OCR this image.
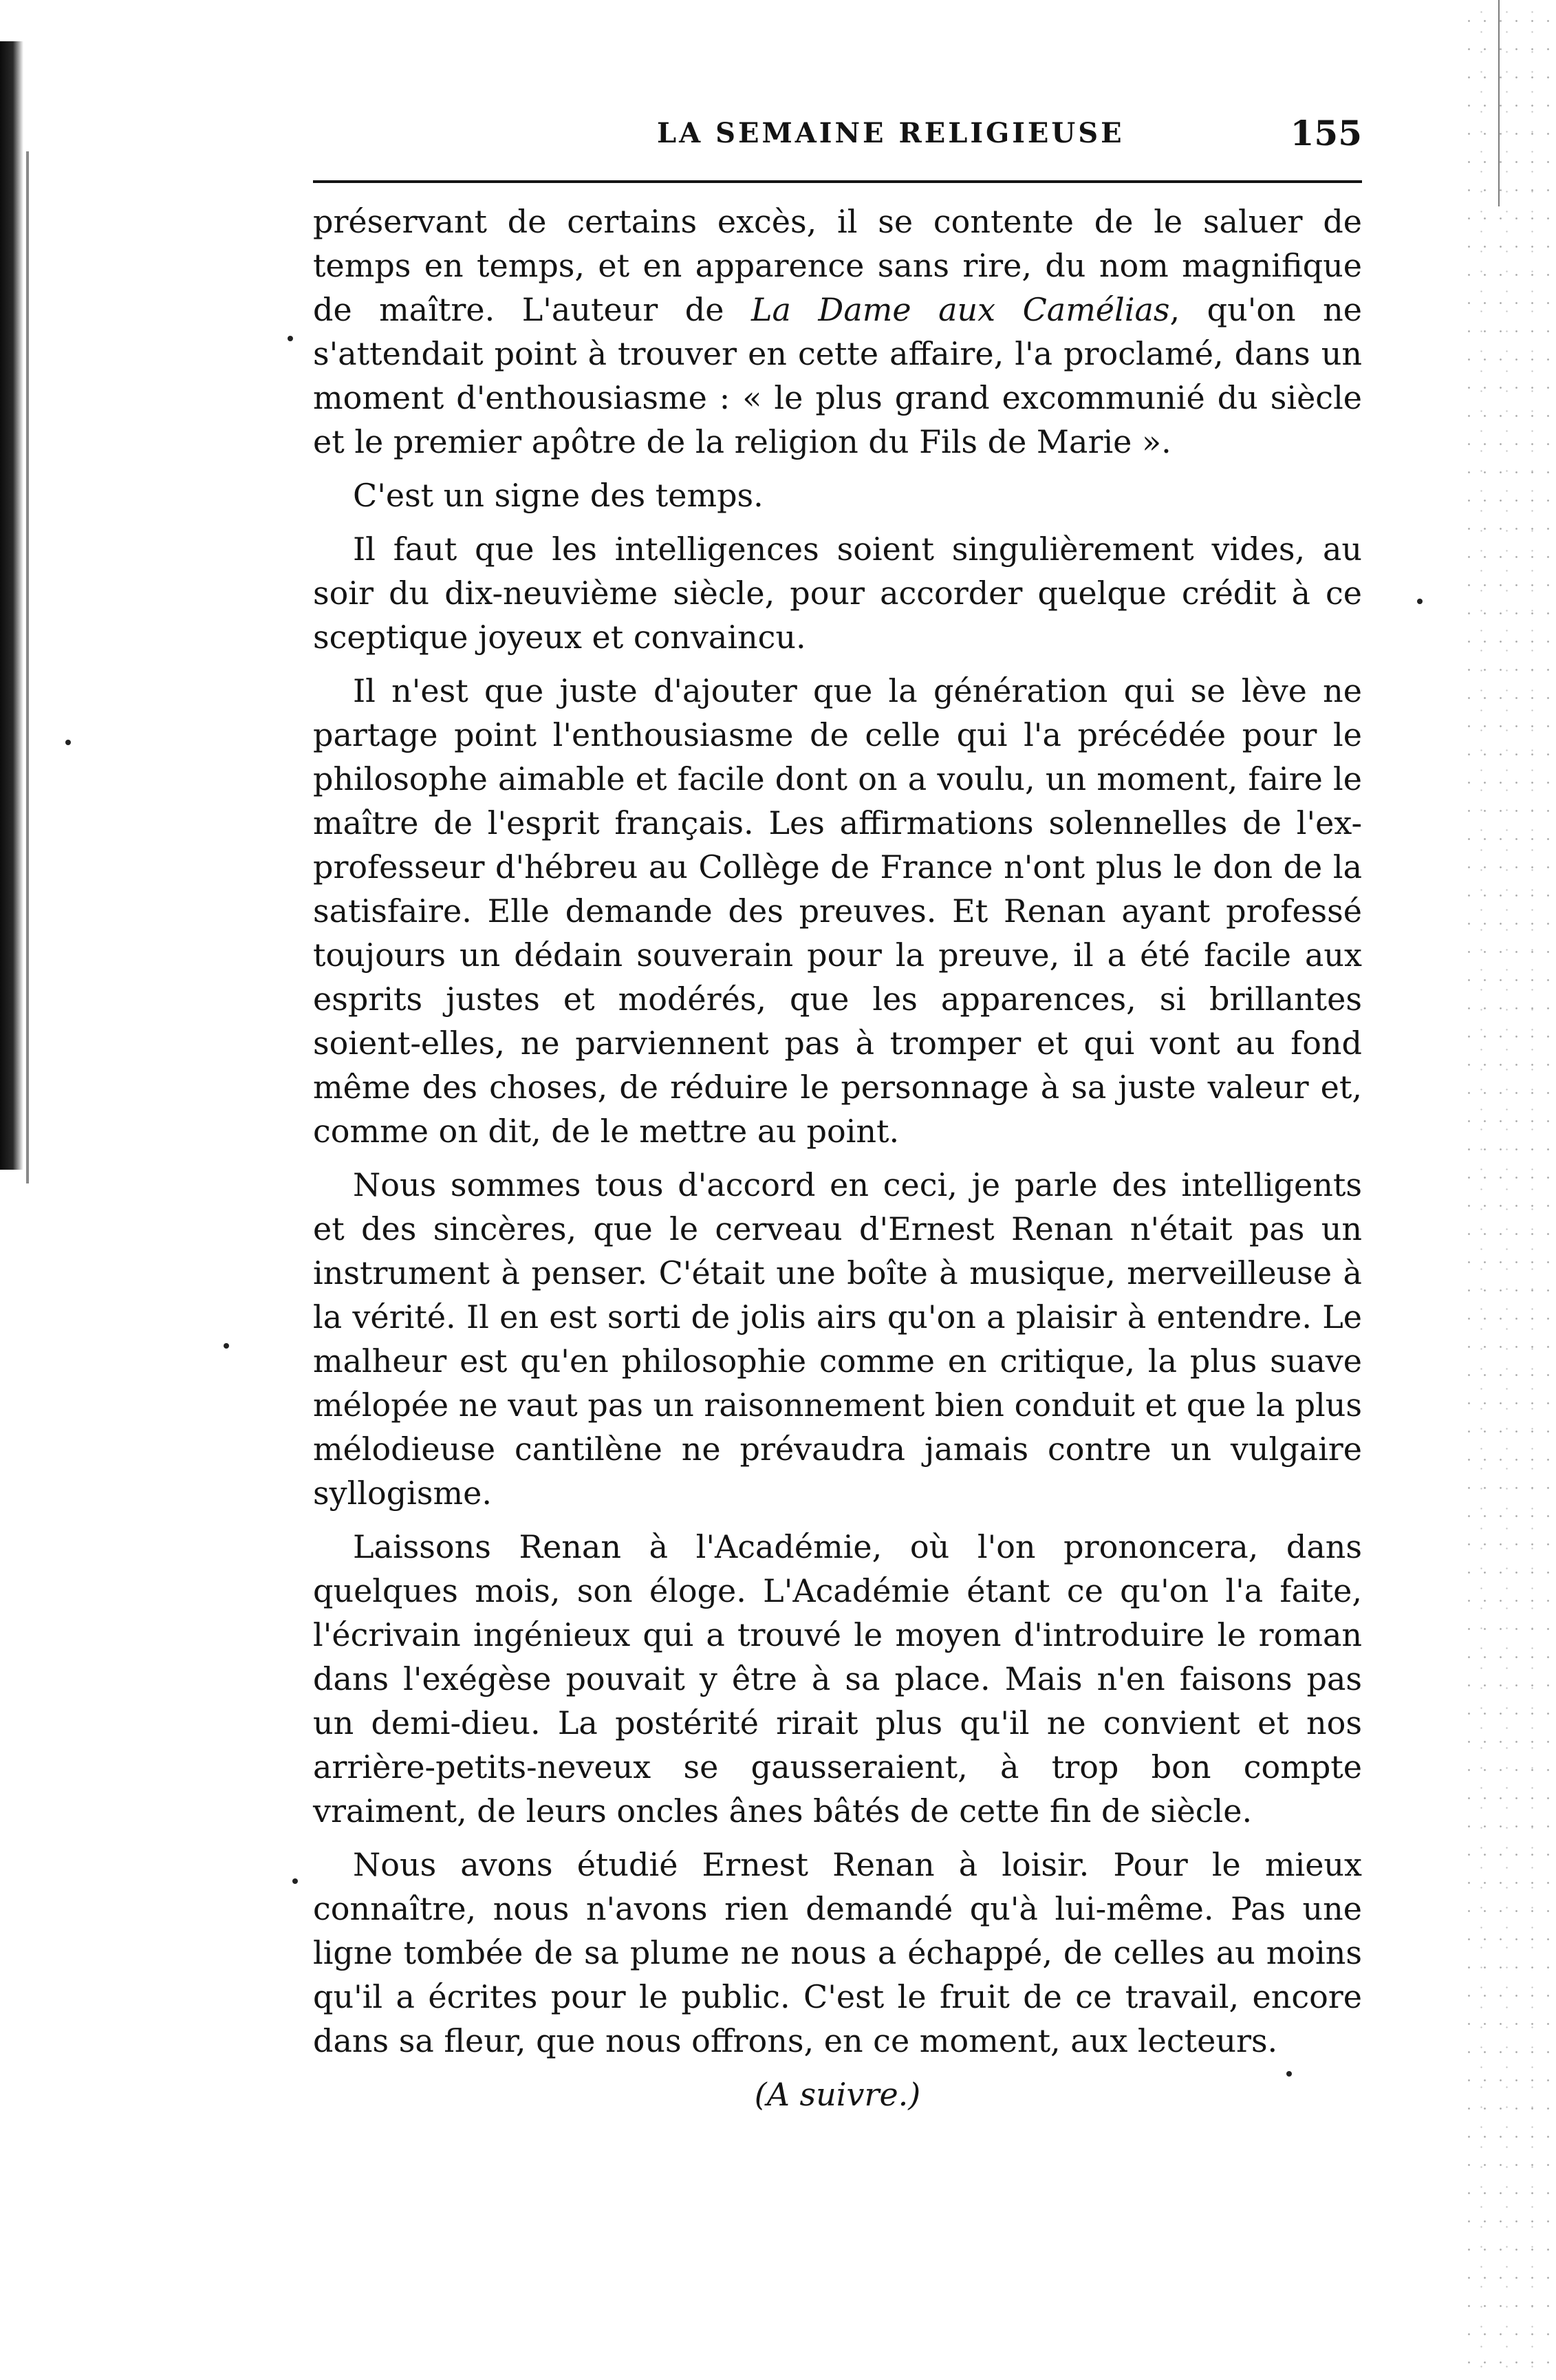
LA SEMAINE RELIGIEUSE	155

préservant de certains excès, il se contente de le saluer de temps en temps, et en apparence sans rire, du nom magnifique de maître. L'auteur de La Dame aux Camélias, qu'on ne s'attendait point à trouver en cette affaire, l'a proclamé, dans un moment d'enthousiasme : « le plus grand excommunié du siècle et le premier apôtre de la religion du Fils de Marie ».

C'est un signe des temps.

Il faut que les intelligences soient singulièrement vides, au soir du dix-neuvième siècle, pour accorder quelque crédit à ce sceptique joyeux et convaincu.

Il n'est que juste d'ajouter que la génération qui se lève ne partage point l'enthousiasme de celle qui l'a précédée pour le philosophe aimable et facile dont on a voulu, un moment, faire le maître de l'esprit français. Les affirmations solennelles de l'ex-professeur d'hébreu au Collège de France n'ont plus le don de la satisfaire. Elle demande des preuves. Et Renan ayant professé toujours un dédain souverain pour la preuve, il a été facile aux esprits justes et modérés, que les apparences, si brillantes soient-elles, ne parviennent pas à tromper et qui vont au fond même des choses, de réduire le personnage à sa juste valeur et, comme on dit, de le mettre au point.

Nous sommes tous d'accord en ceci, je parle des intelligents et des sincères, que le cerveau d'Ernest Renan n'était pas un instrument à penser. C'était une boîte à musique, merveilleuse à la vérité. Il en est sorti de jolis airs qu'on a plaisir à entendre. Le malheur est qu'en philosophie comme en critique, la plus suave mélopée ne vaut pas un raisonnement bien conduit et que la plus mélodieuse cantilène ne prévaudra jamais contre un vulgaire syllogisme.

Laissons Renan à l'Académie, où l'on prononcera, dans quelques mois, son éloge. L'Académie étant ce qu'on l'a faite, l'écrivain ingénieux qui a trouvé le moyen d'introduire le roman dans l'exégèse pouvait y être à sa place. Mais n'en faisons pas un demi-dieu. La postérité rirait plus qu'il ne convient et nos arrière-petits-neveux se gausseraient, à trop bon compte vraiment, de leurs oncles ânes bâtés de cette fin de siècle.

Nous avons étudié Ernest Renan à loisir. Pour le mieux connaître, nous n'avons rien demandé qu'à lui-même. Pas une ligne tombée de sa plume ne nous a échappé, de celles au moins qu'il a écrites pour le public. C'est le fruit de ce travail, encore dans sa fleur, que nous offrons, en ce moment, aux lecteurs.

(A suivre.)
